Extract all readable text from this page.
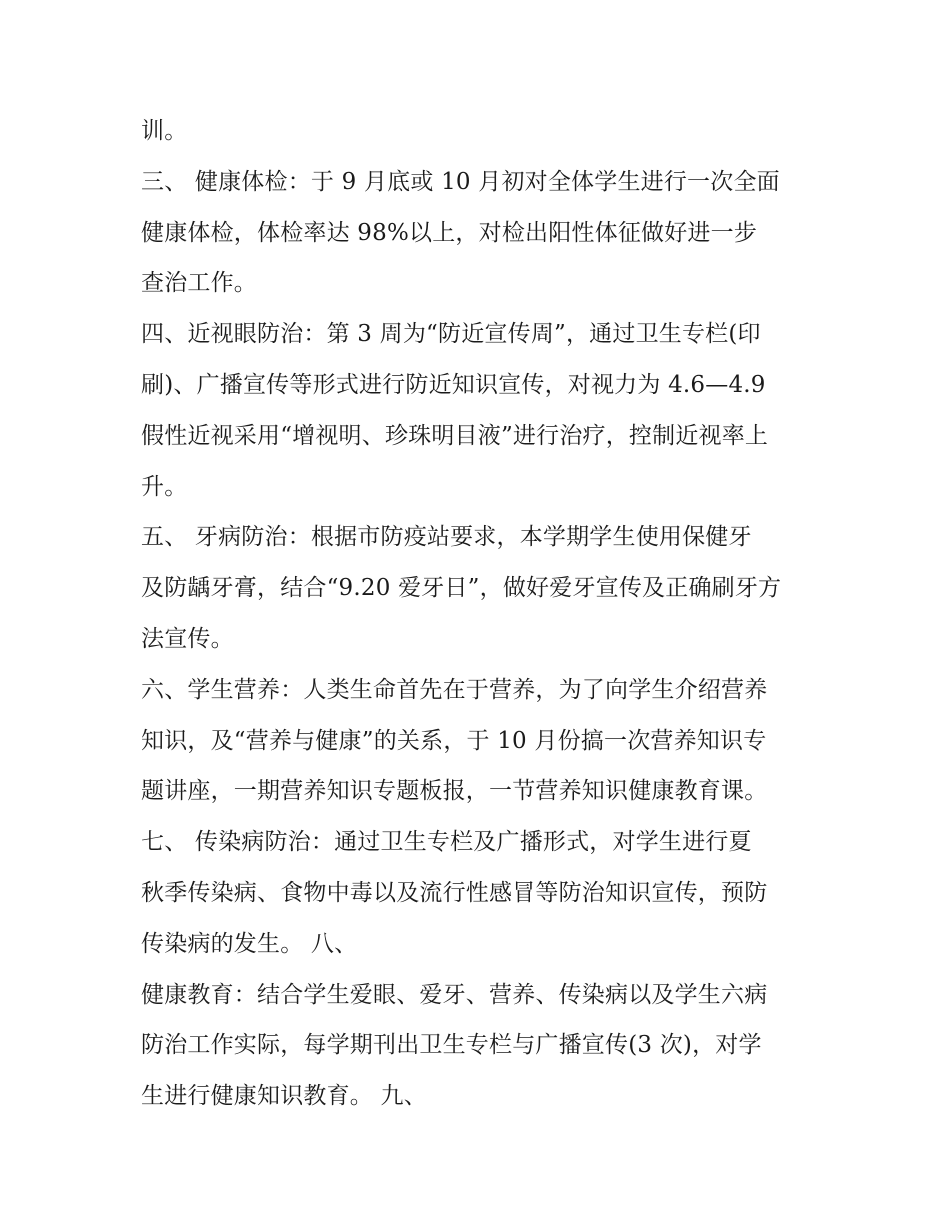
训。
三、 健康体检：于 9 月底或 10 月初对全体学生进行一次全面
健康体检，体检率达 98%以上，对检出阳性体征做好进一步
查治工作。
四、近视眼防治：第 3 周为“防近宣传周”，通过卫生专栏(印
刷)、广播宣传等形式进行防近知识宣传，对视力为 4.6—4.9
假性近视采用“增视明、珍珠明目液”进行治疗，控制近视率上
升。
五、 牙病防治：根据市防疫站要求，本学期学生使用保健牙
及防龋牙膏，结合“9.20 爱牙日”，做好爱牙宣传及正确刷牙方
法宣传。
六、学生营养：人类生命首先在于营养，为了向学生介绍营养
知识，及“营养与健康”的关系，于 10 月份搞一次营养知识专
题讲座，一期营养知识专题板报，一节营养知识健康教育课。
七、 传染病防治：通过卫生专栏及广播形式，对学生进行夏
秋季传染病、食物中毒以及流行性感冒等防治知识宣传，预防
传染病的发生。 八、
健康教育：结合学生爱眼、爱牙、营养、传染病以及学生六病
防治工作实际，每学期刊出卫生专栏与广播宣传(3 次)，对学
生进行健康知识教育。 九、
